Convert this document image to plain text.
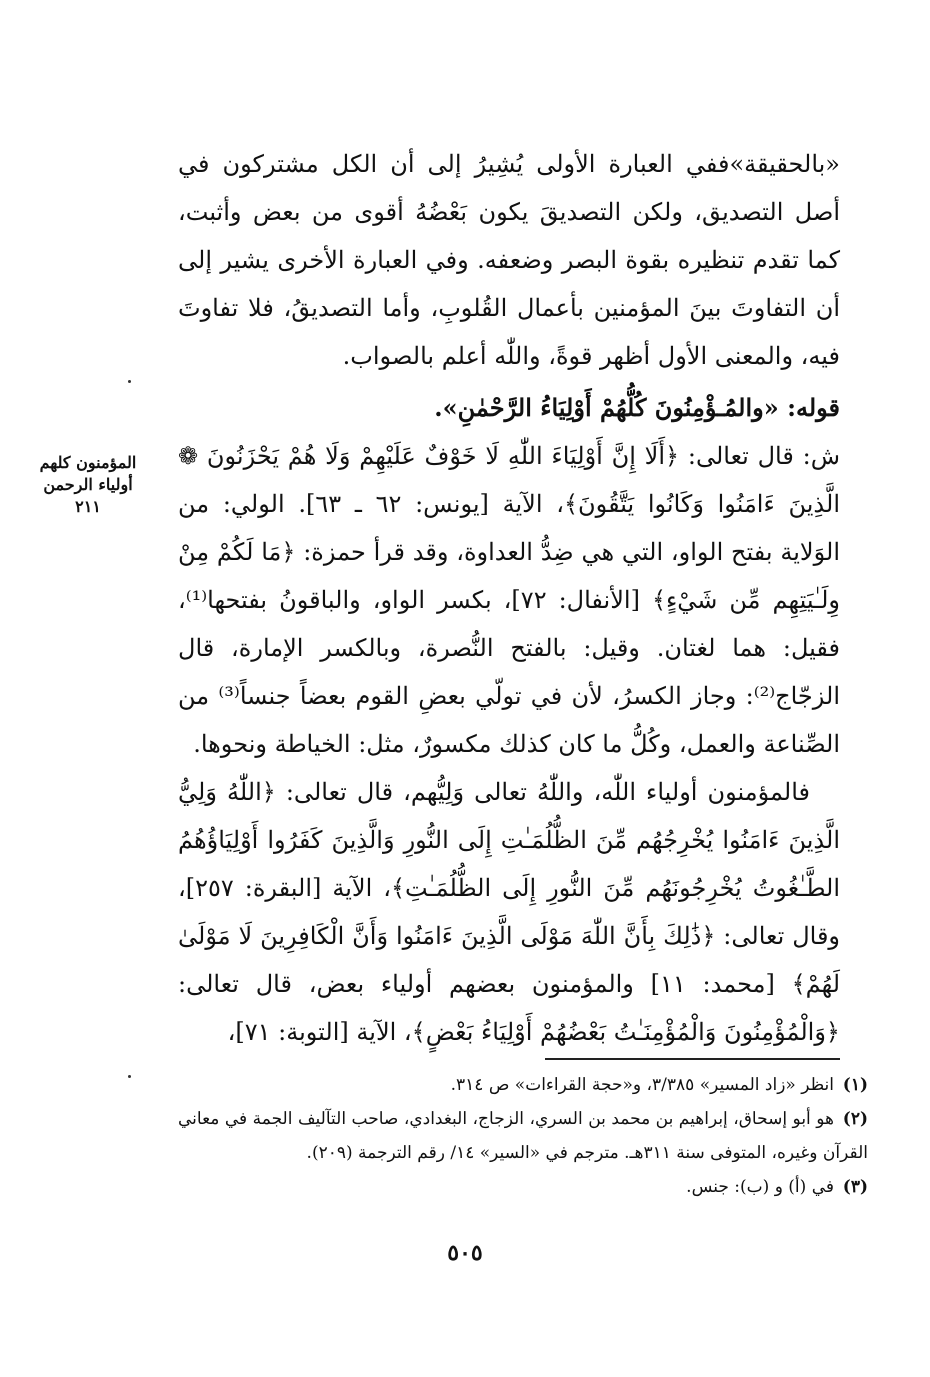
«بالحقيقة»ففي العبارة الأولى يُشِيرُ إلى أن الكل مشتركون في أصل التصديق، ولكن التصديقَ يكون بَعْضُهُ أقوى من بعض وأثبت، كما تقدم تنظيره بقوة البصر وضعفه. وفي العبارة الأخرى يشير إلى أن التفاوتَ بينَ المؤمنين بأعمال القُلوبِ، وأما التصديقُ، فلا تفاوتَ فيه، والمعنى الأول أظهر قوةً، واللّٰه أعلم بالصواب.

قوله: «والمُـؤْمِنُونَ كُلُّهُمْ أَوْلِيَاءُ الرَّحْمٰنِ».

ش: قال تعالى: ﴿أَلَا إِنَّ أَوْلِيَاءَ اللّٰهِ لَا خَوْفٌ عَلَيْهِمْ وَلَا هُمْ يَحْزَنُونَ ❁ الَّذِينَ ءَامَنُوا وَكَانُوا يَتَّقُونَ﴾، الآية [يونس: ٦٢ ـ ٦٣]. الولي: من الوَلاية بفتح الواو، التي هي ضِدُّ العداوة، وقد قرأ حمزة: ﴿مَا لَكُمْ مِنْ وِلَـٰيَتِهِم مِّن شَيْءٍ﴾ [الأنفال: ٧٢]، بكسر الواو، والباقونُ بفتحها⁽¹⁾، فقيل: هما لغتان. وقيل: بالفتح النُّصرة، وبالكسر الإمارة، قال الزجّاج⁽²⁾: وجاز الكسرُ، لأن في تولّي بعضِ القوم بعضاً جنساً⁽³⁾ من الصِّناعة والعمل، وكُلُّ ما كان كذلك مكسورٌ، مثل: الخياطة ونحوها.

فالمؤمنون أولياء اللّٰه، واللّٰهُ تعالى وَلِيُّهم، قال تعالى: ﴿اللّٰهُ وَلِيُّ الَّذِينَ ءَامَنُوا يُخْرِجُهُم مِّنَ الظُّلُمَـٰتِ إِلَى النُّورِ وَالَّذِينَ كَفَرُوا أَوْلِيَاؤُهُمُ الطَّـٰغُوتُ يُخْرِجُونَهُم مِّنَ النُّورِ إِلَى الظُّلُمَـٰتِ﴾، الآية [البقرة: ٢٥٧]، وقال تعالى: ﴿ذَٰلِكَ بِأَنَّ اللّٰهَ مَوْلَى الَّذِينَ ءَامَنُوا وَأَنَّ الْكَافِرِينَ لَا مَوْلَىٰ لَهُمْ﴾ [محمد: ١١] والمؤمنون بعضهم أولياء بعض، قال تعالى: ﴿وَالْمُؤْمِنُونَ وَالْمُؤْمِنَـٰتُ بَعْضُهُمْ أَوْلِيَاءُ بَعْضٍ﴾، الآية [التوبة: ٧١]،

المؤمنون كلهم أولياء الرحمن
٢١١

(١)انظر «زاد المسير» ٣/٣٨٥، و«حجة القراءات» ص ٣١٤.

(٢)هو أبو إسحاق، إبراهيم بن محمد بن السري، الزجاج، البغدادي، صاحب التآليف الجمة في معاني القرآن وغيره، المتوفى سنة ٣١١هـ. مترجم في «السير» ١٤/ رقم الترجمة (٢٠٩).

(٣)في (أ) و (ب): جنس.

٥٠٥
